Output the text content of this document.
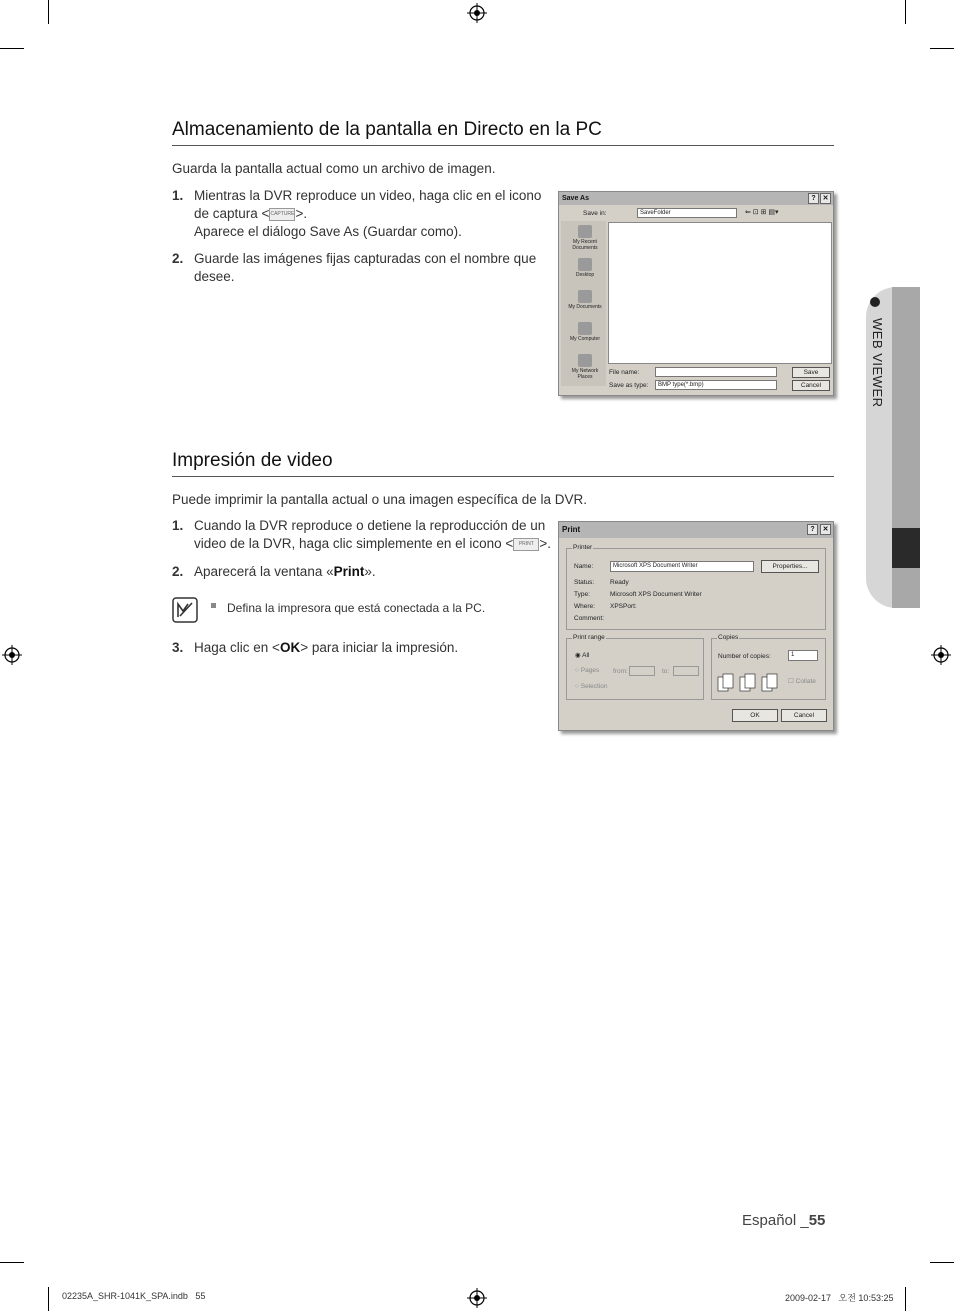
Almacenamiento de la pantalla en Directo en la PC
Guarda la pantalla actual como un archivo de imagen.
1. Mientras la DVR reproduce un video, haga clic en el icono
de captura <CAPTURE>.
Aparece el diálogo Save As (Guardar como).
2. Guarde las imágenes fijas capturadas con el nombre que
desee.
Save As	? ✕
Save in:	SaveFolder	⇐ ⊡ ⊞ ▤▾
My Recent Documents
Desktop
My Documents
My Computer
My Network Places
File name:
Save as type:	BMP type(*.bmp)
Save
Cancel
Impresión de video
Puede imprimir la pantalla actual o una imagen específica de la DVR.
1. Cuando la DVR reproduce o detiene la reproducción de un
video de la DVR, haga clic simplemente en el icono < PRINT >.
2. Aparecerá la ventana «Print».
Defina la impresora que está conectada a la PC.
3. Haga clic en <OK> para iniciar la impresión.
Print	?	✕
Printer
Name:	Microsoft XPS Document Writer	Properties...
Status: Ready
Type:	Microsoft XPS Document Writer
Where: XPSPort:
Comment:
Print range
◉ All
○ Pages from:	to:
○ Selection
Copies
Number of copies:	1
☐ Collate
OK	Cancel
WEB VIEWER
Español _55
02235A_SHR-1041K_SPA.indb   55	2009-02-17   오전 10:53:25
